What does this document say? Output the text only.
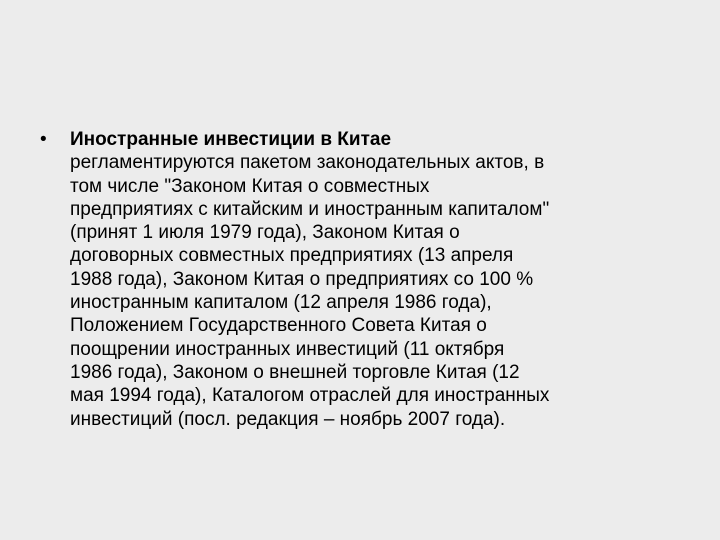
•	Иностранные инвестиции в Китае
регламентируются пакетом законодательных актов, в
том числе "Законом Китая о совместных
предприятиях с китайским и иностранным капиталом"
(принят 1 июля 1979 года), Законом Китая о
договорных совместных предприятиях (13 апреля
1988 года), Законом Китая о предприятиях со 100 %
иностранным капиталом (12 апреля 1986 года),
Положением Государственного Совета Китая о
поощрении иностранных инвестиций (11 октября
1986 года), Законом о внешней торговле Китая (12
мая 1994 года), Каталогом отраслей для иностранных
инвестиций (посл. редакция – ноябрь 2007 года).
